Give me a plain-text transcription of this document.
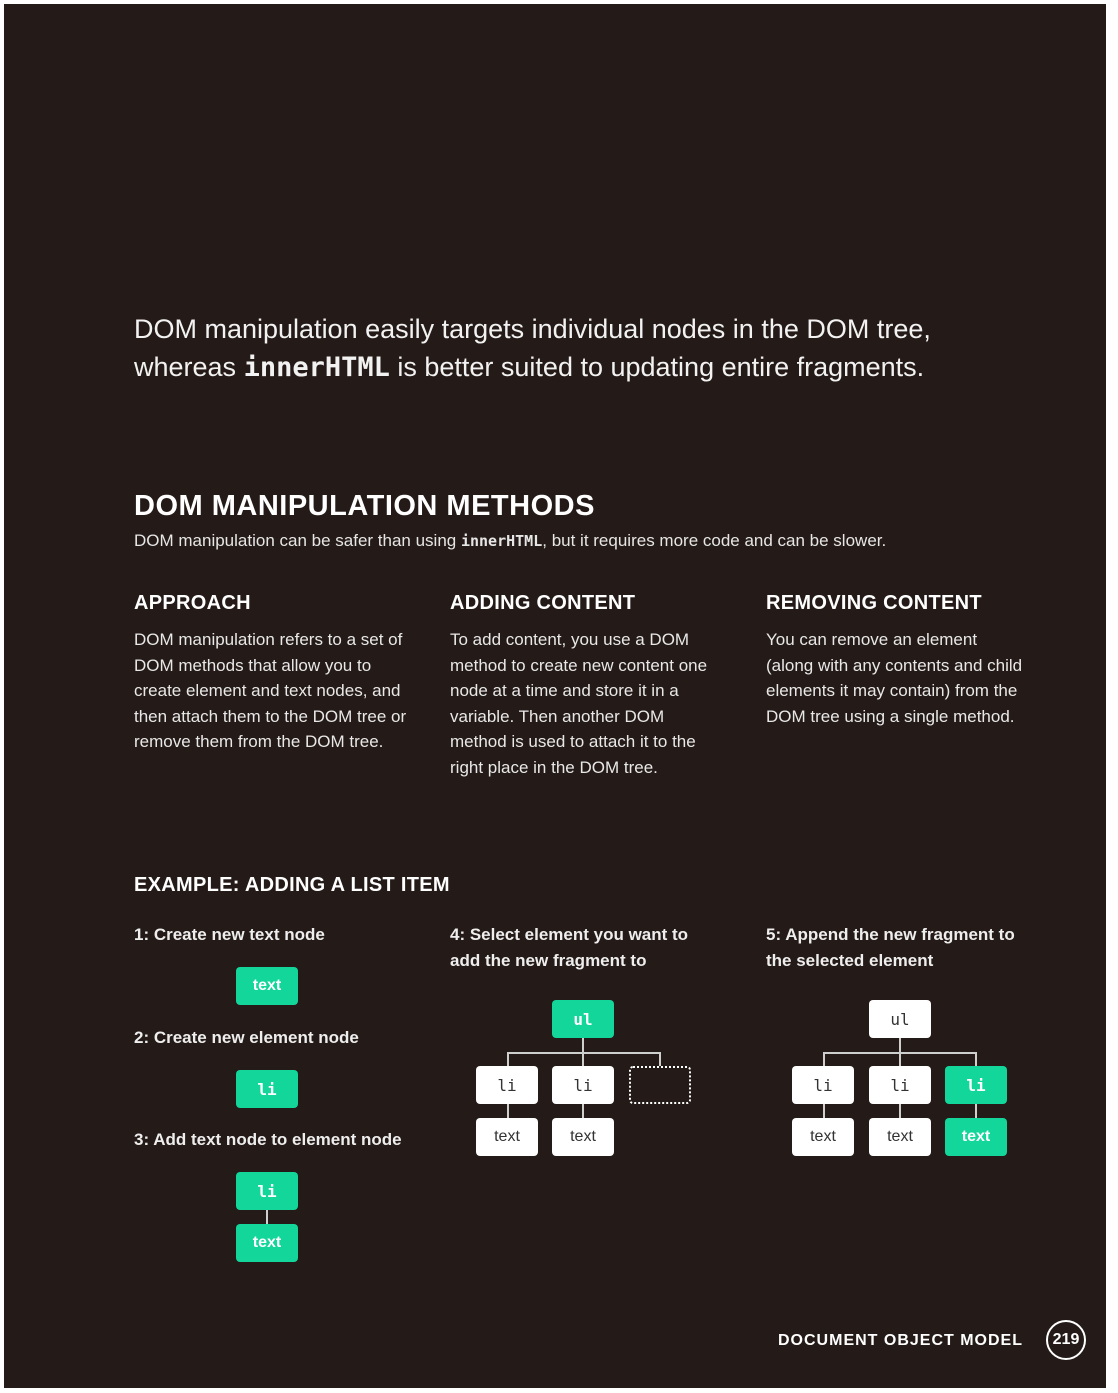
DOM manipulation easily targets individual nodes in the DOM tree,
whereas innerHTML is better suited to updating entire fragments.
DOM MANIPULATION METHODS
DOM manipulation can be safer than using innerHTML, but it requires more code and can be slower.
APPROACH

DOM manipulation refers to a set of DOM methods that allow you to create element and text nodes, and then attach them to the DOM tree or remove them from the DOM tree.

ADDING CONTENT

To add content, you use a DOM method to create new content one node at a time and store it in a variable. Then another DOM method is used to attach it to the right place in the DOM tree.

REMOVING CONTENT

You can remove an element (along with any contents and child elements it may contain) from the DOM tree using a single method.

EXAMPLE: ADDING A LIST ITEM
1: Create new text node
text
2: Create new element node
li
3: Add text node to element node
li
text
4: Select element you want to add the new fragment to
ul
li	li
text	text
5: Append the new fragment to the selected element
ul
li	li	li
text	text	text
DOCUMENT OBJECT MODEL	219
